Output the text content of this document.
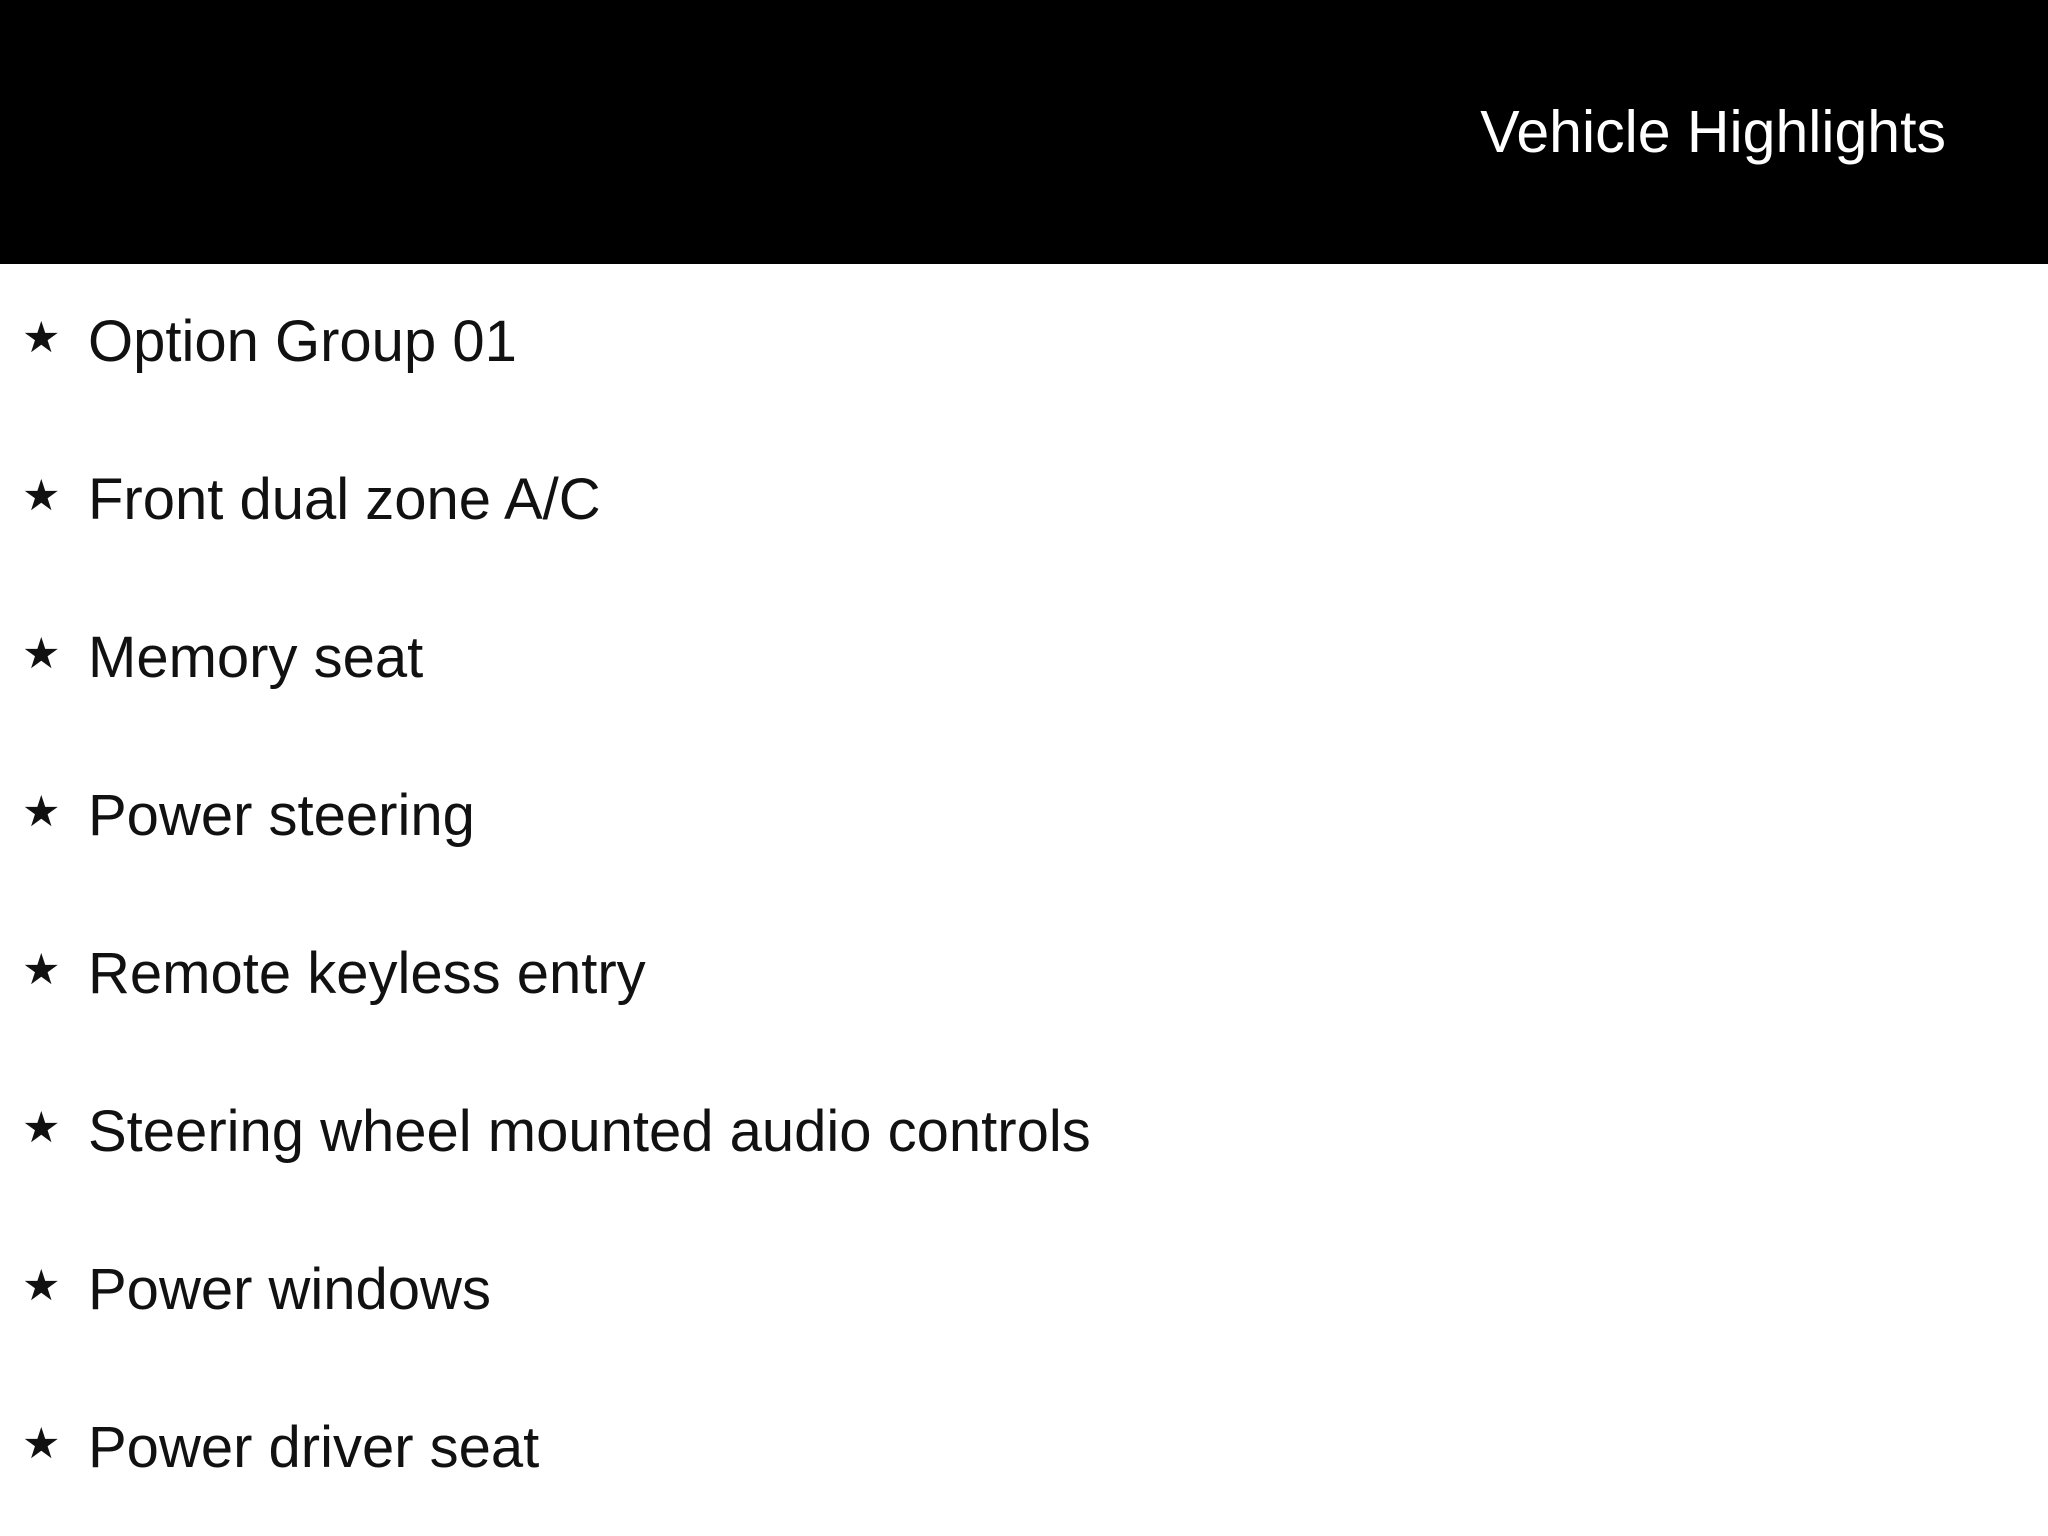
Vehicle Highlights
★ Option Group 01
★ Front dual zone A/C
★ Memory seat
★ Power steering
★ Remote keyless entry
★ Steering wheel mounted audio controls
★ Power windows
★ Power driver seat
